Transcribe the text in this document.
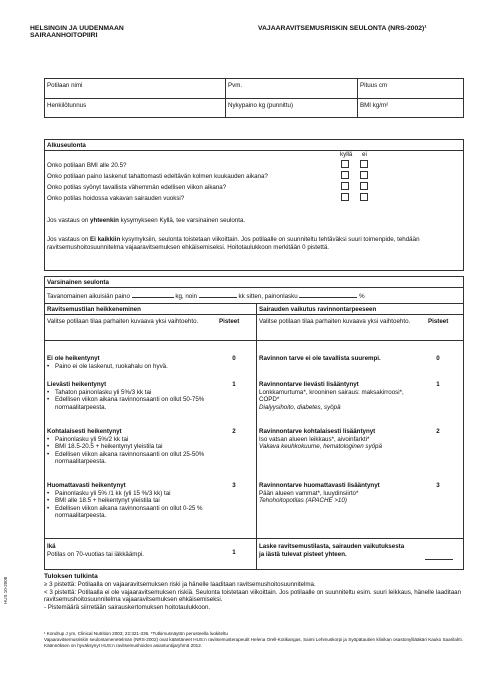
HELSINGIN JA UUDENMAAN
SAIRAANHOITOPIIRI
VAJAARAVITSEMUSRISKIN SEULONTA (NRS-2002)¹
Potilaan nimi	Pvm.	Pituus cm
Henkilötunnus	Nykypaino kg (punnittu)	BMI kg/m²
Alkuseulonta
kyllä ei
Onko potilaan BMI alle 20.5?
Onko potilaan paino laskenut tahattomasti edeltävän kolmen kuukauden aikana?
Onko potilas syönyt tavallista vähemmän edellisen viikon aikana?
Onko potilas hoidossa vakavan sairauden vuoksi?
Jos vastaus on yhteenkin kysymykseen Kyllä, tee varsinainen seulonta.
Jos vastaus on Ei kaikkiin kysymyksiin, seulonta toistetaan viikoittain. Jos potilaalle on suunniteltu tehtäväksi suuri toimenpide, tehdään ravitsemushoitosuunnitelma vajaaravitsemuksen ehkäisemiseksi. Hoitotaulukkoon merkitään 0 pistettä.
Varsinainen seulonta
Tavanomainen aikuisiän paino	kg, noin	kk sitten, painonlasku	%
Ravitsemustilan heikkeneminen
Valitse potilaan tilaa parhaiten kuvaava yksi vaihtoehto.	Pisteet
Sairauden vaikutus ravinnontarpeeseen
Valitse potilaan tilaa parhaiten kuvaava yksi vaihtoehto.	Pisteet
Ei ole heikentynyt
• Paino ei ole laskenut, ruokahalu on hyvä.
0
Lievästi heikentynyt
• Tahaton painonlasku yli 5%/3 kk tai
• Edellisen viikon aikana ravinnonsaanti on ollut 50-75% normaalitarpeesta.
1
Kohtalaisesti heikentynyt
• Painonlasku yli 5%/2 kk tai
• BMI 18.5-20.5 + heikentynyt yleistila tai
• Edellisen viikon aikana ravinnonsaanti on ollut 25-50% normaalitarpeesta.
2
Huomattavasti heikentynyt
• Painonlasku yli 5% /1 kk (yli 15 %/3 kk) tai
• BMI alle 18.5 + heikentynyt yleistila tai
• Edellisen viikon aikana ravinnonsaanti on ollut 0-25 % normaalitarpeesta.
3
Ravinnon tarve ei ole tavallista suurempi.	0
Ravinnontarve lievästi lisääntynyt
Lonkkamurtuma*, krooninen sairaus: maksakirroosi*, COPD*
Dialyysihoito, diabetes, syöpä
1
Ravinnontarve kohtalaisesti lisääntynyt
Iso vatsan alueen leikkaus*, aivoinfarkti*
Vakava keuhkokuume, hematologinen syöpä
2
Ravinnontarve huomattavasti lisääntynyt
Pään alueen vammat*, luuydinsiirto*
Tehohoitopotilas (APACHE >10)
3
Ikä
Potilas on 70-vuotias tai iäkkäämpi.	1
Laske ravitsemustilasta, sairauden vaikutuksesta ja iästä tulevat pisteet yhteen.
HUS 10-2008
Tuloksen tulkinta
≥ 3 pistettä: Potilaalla on vajaaravitsemuksen riski ja hänelle laaditaan ravitsemushoitosuunnitelma.
< 3 pistettä: Potilaalla ei ole vajaaravitsemuksen riskiä. Seulonta toistetaan viikoittain. Jos potilaalle on suunniteltu esim. suuri leikkaus, hänelle laaditaan ravitsemushoitosuunnitelma vajaaravitsemuksen ehkäisemiseksi.
- Pistemäärä siirretään sairauskertomuksen hoitotaulukkoon.
¹ Kondrup J ym, Clinical Nutrition 2003; 22:321-336. *Tutkimusnäytön perusteella luokiteltu
Vajaaravitsemusriskin seulontamenetelmän (NRS-2002) ovat kääntäneet HUS:n ravitsemusterapeutit Helena Orell-Kotikangas, Saimi Lehmuskorpi ja Syöpätautien klinikan osastonylilääkäri Kauko Saarilahti. Käännöksen on hyväksynyt HUS:n ravitsemushoidon asiantuntijaryhmä 2012.
